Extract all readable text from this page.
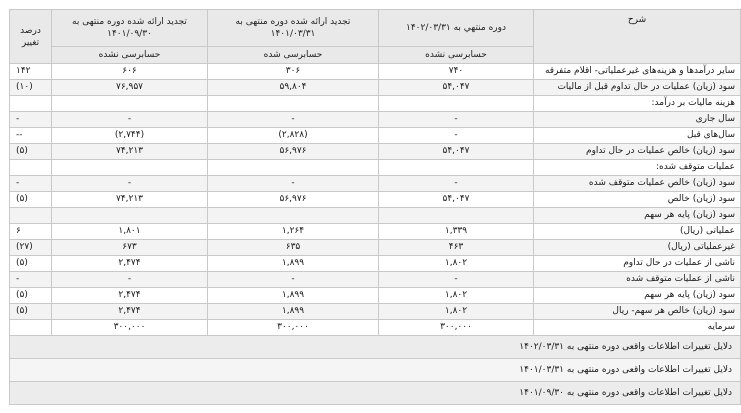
شرح	دوره منتهي به ۱۴۰۲/۰۳/۳۱	تجدید ارائه شده دوره منتهی به ۱۴۰۱/۰۳/۳۱	تجدید ارائه شده دوره منتهی به ۱۴۰۱/۰۹/۳۰	درصد تغییر
	حسابرسی نشده	حسابرسی شده	حسابرسی نشده	
سایر درآمدها و هزینه‌های غیرعملیاتی- اقلام متفرقه	۷۴۰	۳۰۶	۶۰۶	۱۴۲
سود (زیان) عملیات در حال تداوم قبل از مالیات	۵۴,۰۴۷	۵۹,۸۰۴	۷۶,۹۵۷	(۱۰)
هزینه مالیات بر درآمد:				
سال جاری	-	-	-	-
سال‌های قبل	-	(۲,۸۲۸)	(۲,۷۴۴)	--
سود (زیان) خالص عملیات در حال تداوم	۵۴,۰۴۷	۵۶,۹۷۶	۷۴,۲۱۳	(۵)
عملیات متوقف شده:				
سود (زیان) خالص عملیات متوقف شده	-	-	-	-
سود (زیان) خالص	۵۴,۰۴۷	۵۶,۹۷۶	۷۴,۲۱۳	(۵)
سود (زیان) پایه هر سهم				
عملیاتی (ریال)	۱,۳۳۹	۱,۲۶۴	۱,۸۰۱	۶
غیرعملیاتی (ریال)	۴۶۳	۶۳۵	۶۷۳	(۲۷)
ناشی از عملیات در حال تداوم	۱,۸۰۲	۱,۸۹۹	۲,۴۷۴	(۵)
ناشی از عملیات متوقف شده	-	-	-	-
سود (زیان) پایه هر سهم	۱,۸۰۲	۱,۸۹۹	۲,۴۷۴	(۵)
سود (زیان) خالص هر سهم- ریال	۱,۸۰۲	۱,۸۹۹	۲,۴۷۴	(۵)
سرمایه	۳۰۰,۰۰۰	۳۰۰,۰۰۰	۳۰۰,۰۰۰	
دلایل تغییرات اطلاعات واقعی دوره منتهی به ۱۴۰۲/۰۳/۳۱				
دلایل تغییرات اطلاعات واقعی دوره منتهی به ۱۴۰۱/۰۳/۳۱				
دلایل تغییرات اطلاعات واقعی دوره منتهی به ۱۴۰۱/۰۹/۳۰				
